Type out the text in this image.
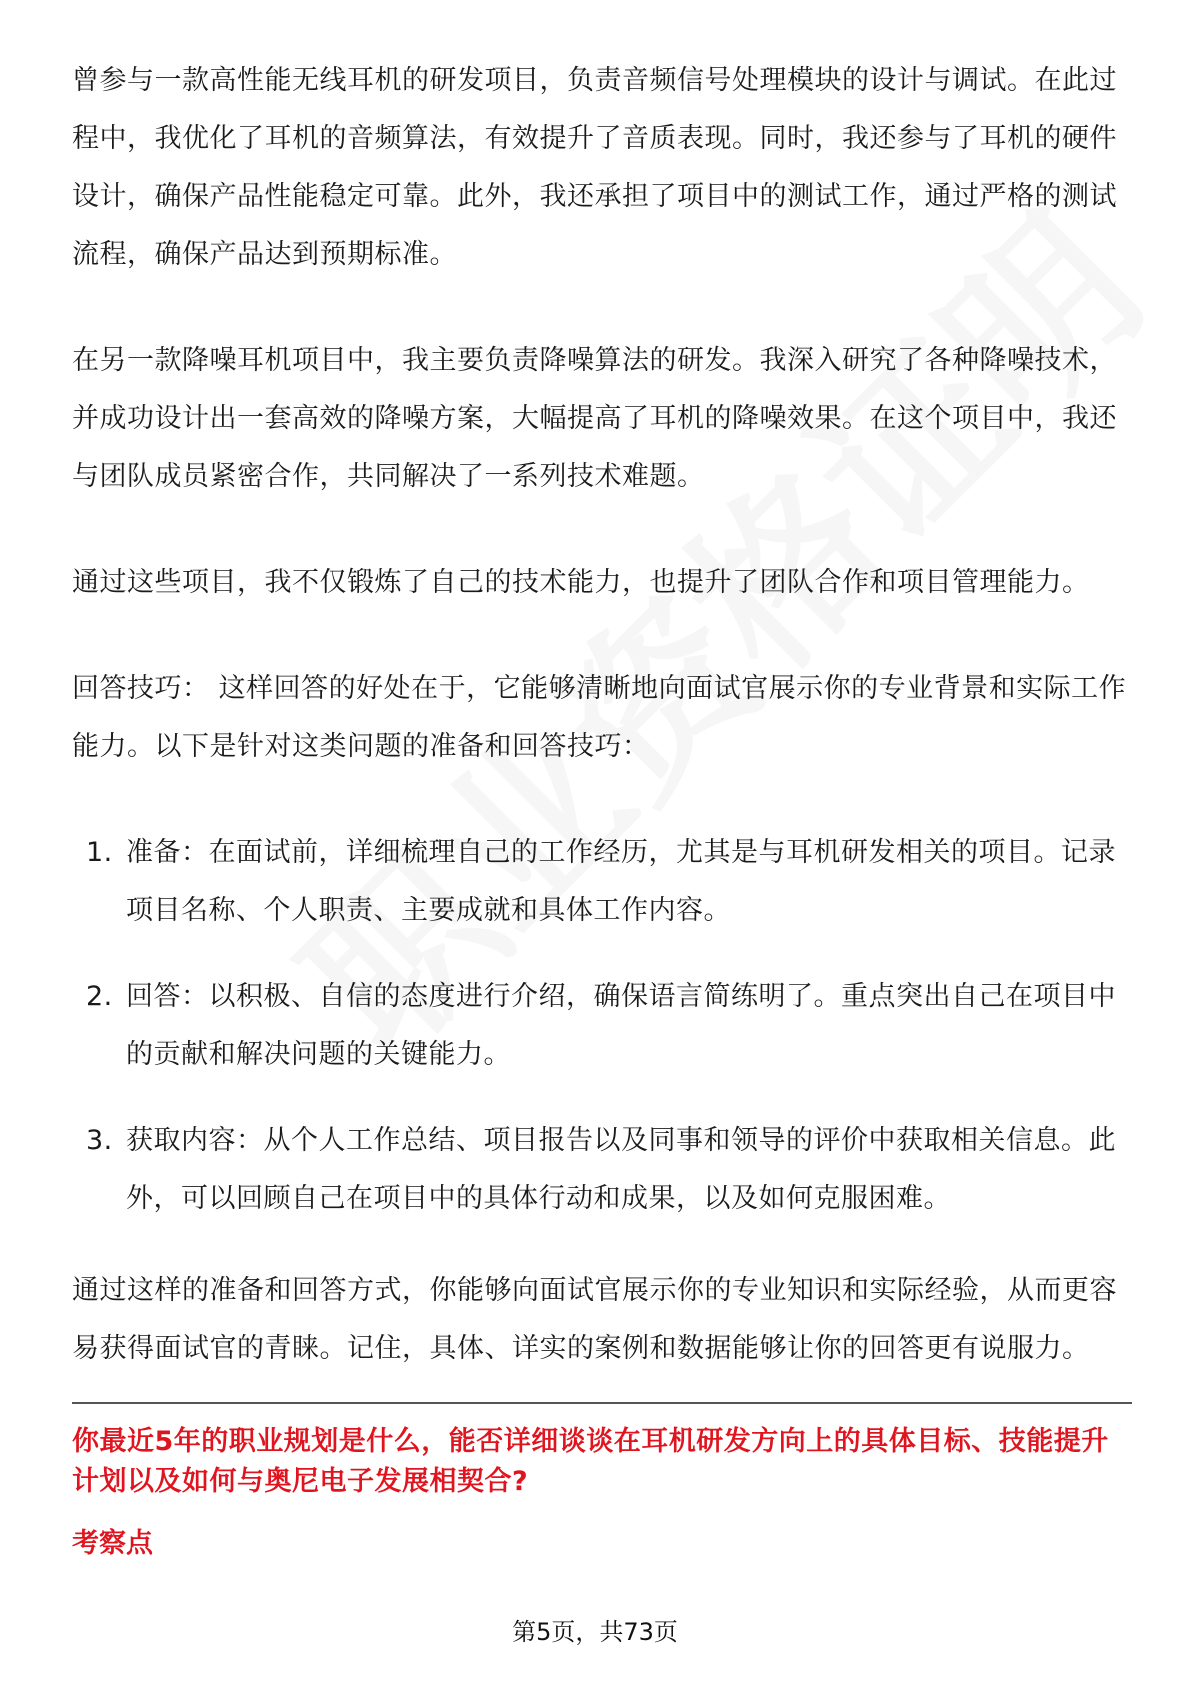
曾参与一款高性能无线耳机的研发项目，负责音频信号处理模块的设计与调试。在此过程中，我优化了耳机的音频算法，有效提升了音质表现。同时，我还参与了耳机的硬件设计，确保产品性能稳定可靠。此外，我还承担了项目中的测试工作，通过严格的测试流程，确保产品达到预期标准。

在另一款降噪耳机项目中，我主要负责降噪算法的研发。我深入研究了各种降噪技术，并成功设计出一套高效的降噪方案，大幅提高了耳机的降噪效果。在这个项目中，我还与团队成员紧密合作，共同解决了一系列技术难题。

通过这些项目，我不仅锻炼了自己的技术能力，也提升了团队合作和项目管理能力。

回答技巧： 这样回答的好处在于，它能够清晰地向面试官展示你的专业背景和实际工作能力。以下是针对这类问题的准备和回答技巧：

1. 准备：在面试前，详细梳理自己的工作经历，尤其是与耳机研发相关的项目。记录项目名称、个人职责、主要成就和具体工作内容。
2. 回答：以积极、自信的态度进行介绍，确保语言简练明了。重点突出自己在项目中的贡献和解决问题的关键能力。
3. 获取内容：从个人工作总结、项目报告以及同事和领导的评价中获取相关信息。此外，可以回顾自己在项目中的具体行动和成果，以及如何克服困难。

通过这样的准备和回答方式，你能够向面试官展示你的专业知识和实际经验，从而更容易获得面试官的青睐。记住，具体、详实的案例和数据能够让你的回答更有说服力。

你最近5年的职业规划是什么，能否详细谈谈在耳机研发方向上的具体目标、技能提升计划以及如何与奥尼电子发展相契合?

考察点

第5页，共73页
